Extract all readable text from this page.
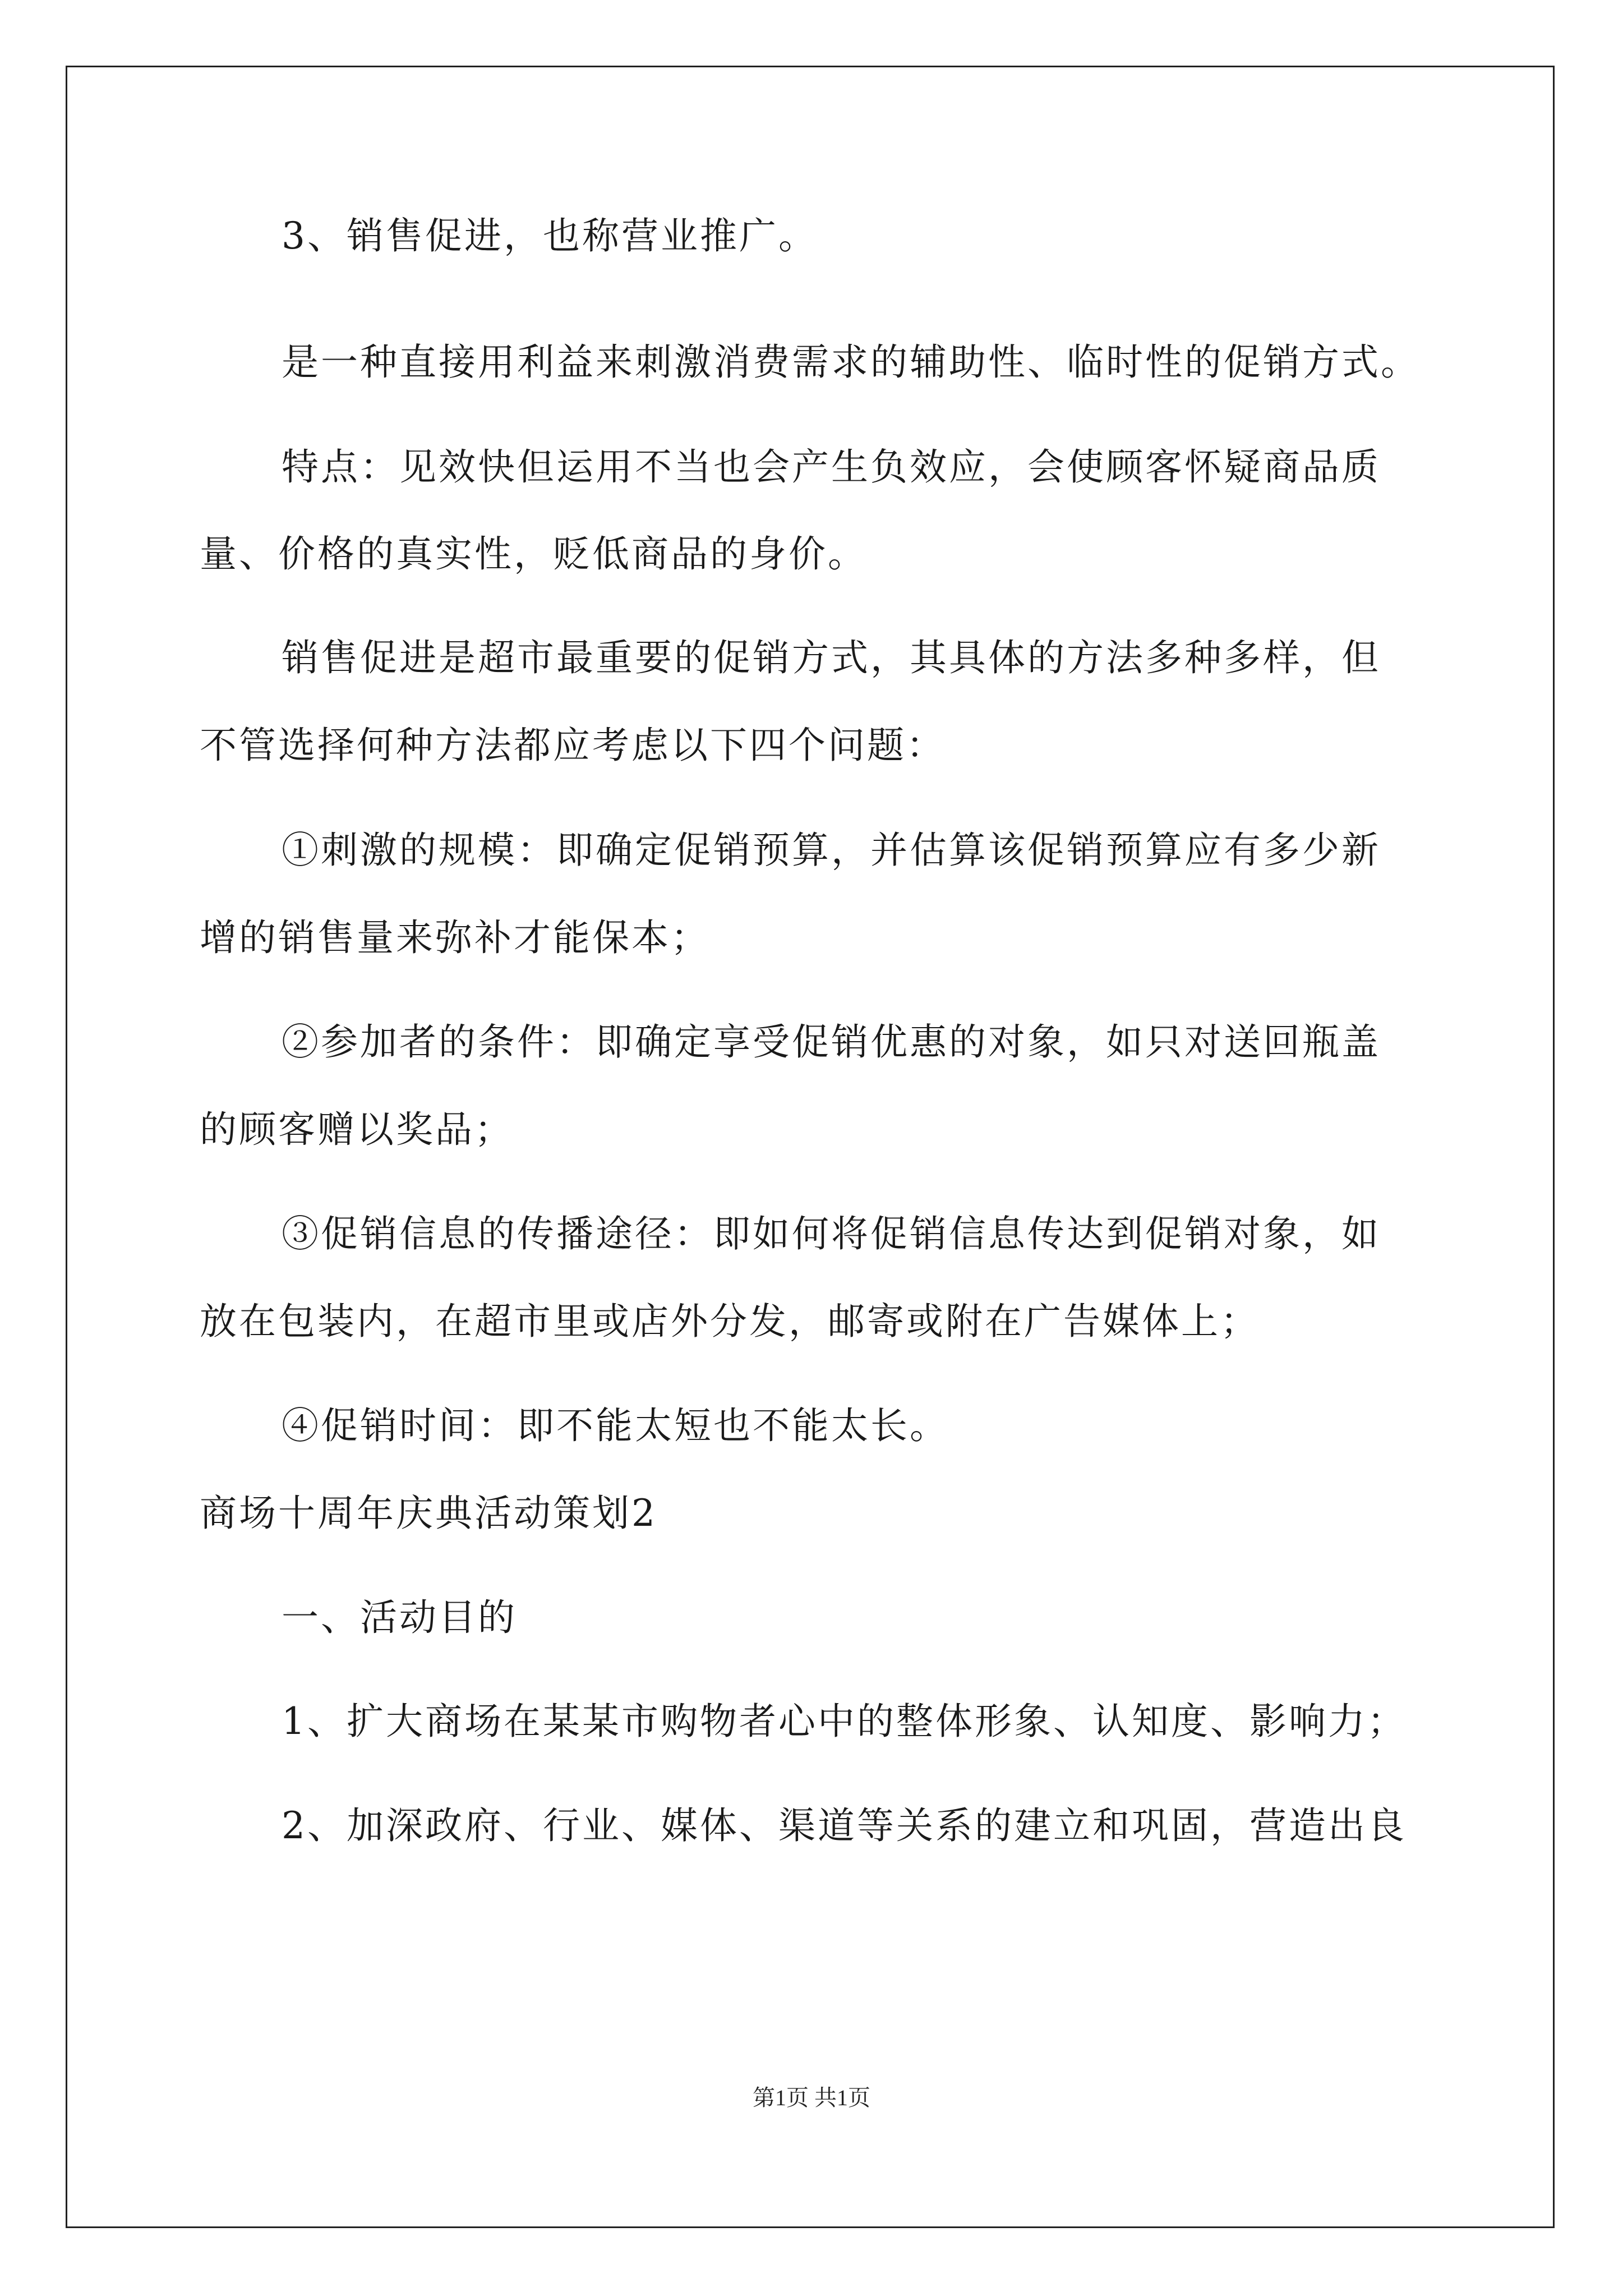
3、销售促进，也称营业推广。
是一种直接用利益来刺激消费需求的辅助性、临时性的促销方式。
特点：见效快但运用不当也会产生负效应，会使顾客怀疑商品质
量、价格的真实性，贬低商品的身价。
销售促进是超市最重要的促销方式，其具体的方法多种多样，但
不管选择何种方法都应考虑以下四个问题：
①刺激的规模：即确定促销预算，并估算该促销预算应有多少新
增的销售量来弥补才能保本；
②参加者的条件：即确定享受促销优惠的对象，如只对送回瓶盖
的顾客赠以奖品；
③促销信息的传播途径：即如何将促销信息传达到促销对象，如
放在包装内，在超市里或店外分发，邮寄或附在广告媒体上；
④促销时间：即不能太短也不能太长。
商场十周年庆典活动策划2
一、活动目的
1、扩大商场在某某市购物者心中的整体形象、认知度、影响力；
2、加深政府、行业、媒体、渠道等关系的建立和巩固，营造出良
第1页 共1页
